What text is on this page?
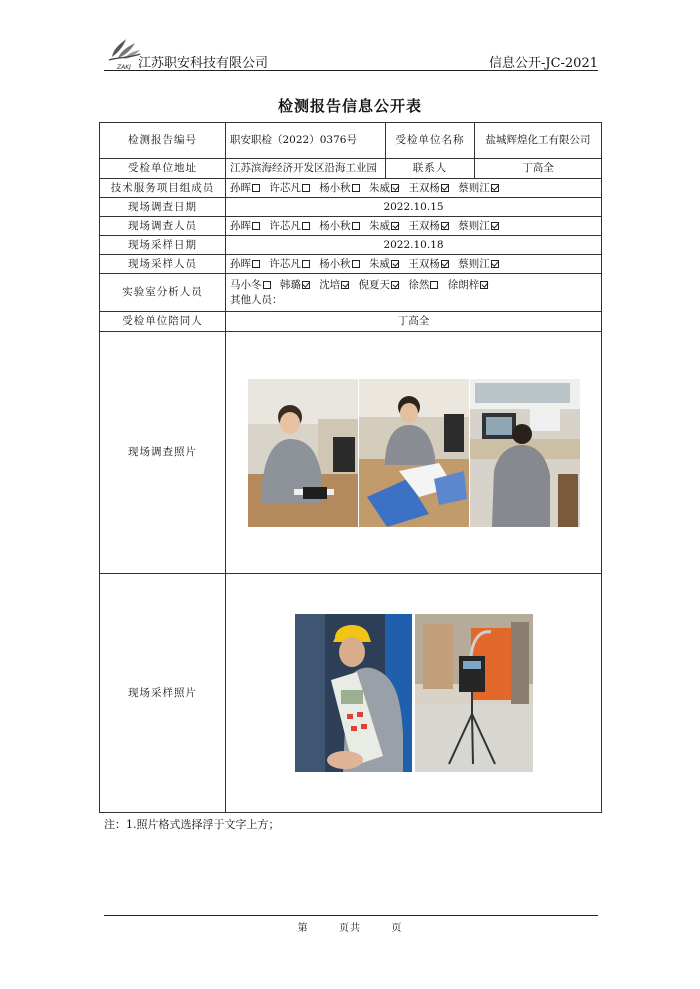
ZAKJ 江苏职安科技有限公司	信息公开-JC-2021
检测报告信息公开表
检测报告编号	职安职检（2022）0376号	受检单位名称	盐城辉煌化工有限公司
受检单位地址	江苏滨海经济开发区沿海工业园	联系人	丁高全
技术服务项目组成员	孙晖 许芯凡 杨小秋 朱威 王双杨 蔡则江		
现场调查日期	2022.10.15		
现场调查人员	孙晖 许芯凡 杨小秋 朱威 王双杨 蔡则江		
现场采样日期	2022.10.18		
现场采样人员	孙晖 许芯凡 杨小秋 朱威 王双杨 蔡则江		
实验室分析人员	马小冬 韩璐 沈培 倪夏天 徐然 徐朗梓
其他人员：		

受检单位陪同人	丁高全		
现场调查照片	

现场采样照片	
注：1.照片格式选择浮于文字上方；
第	页共	页
